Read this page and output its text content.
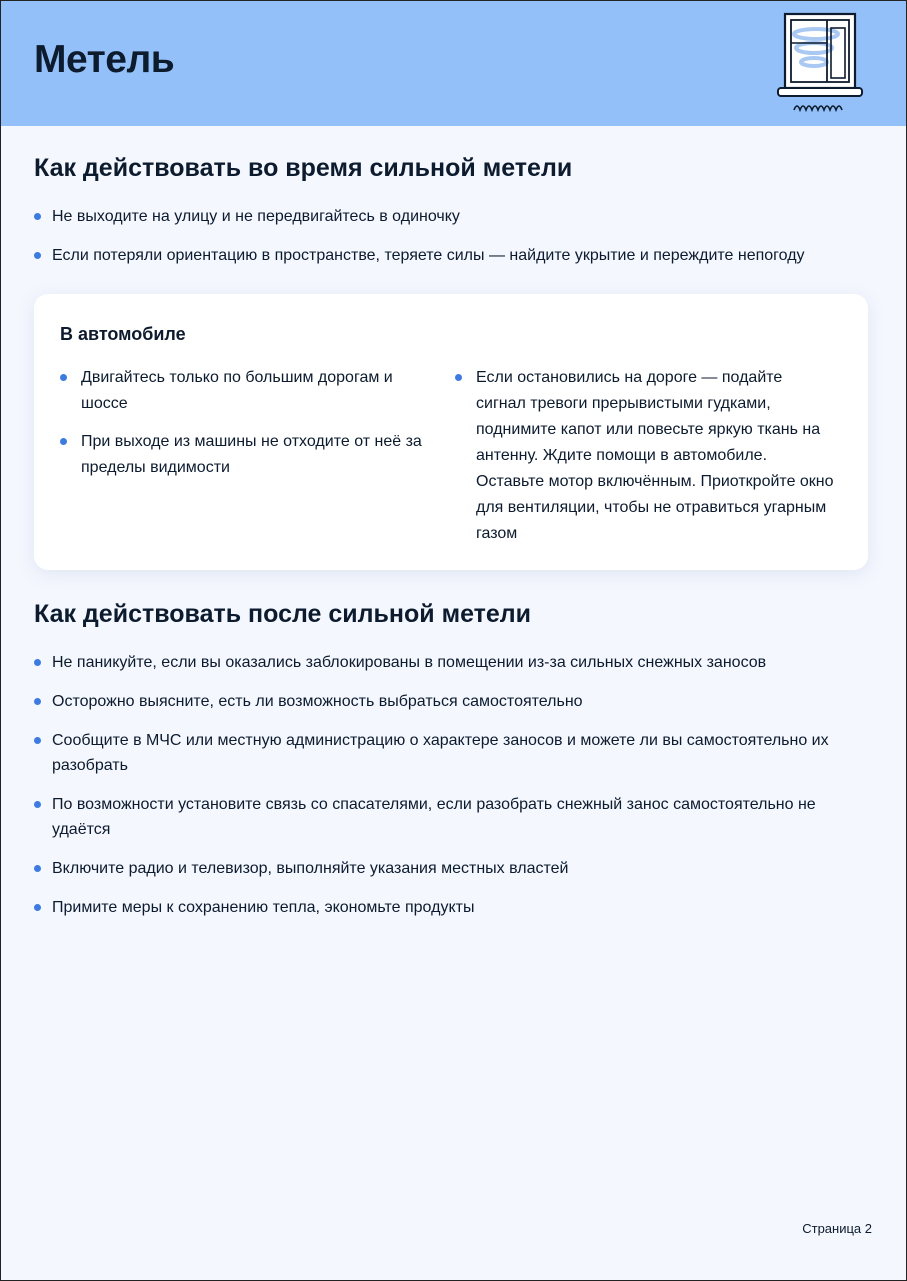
Метель
Как действовать во время сильной метели
Не выходите на улицу и не передвигайтесь в одиночку
Если потеряли ориентацию в пространстве, теряете силы — найдите укрытие и переждите непогоду
В автомобиле
Двигайтесь только по большим дорогам и шоссе
При выходе из машины не отходите от неё за пределы видимости
Если остановились на дороге — подайте сигнал тревоги прерывистыми гудками, поднимите капот или повесьте яркую ткань на антенну. Ждите помощи в автомобиле. Оставьте мотор включённым. Приоткройте окно для вентиляции, чтобы не отравиться угарным газом
Как действовать после сильной метели
Не паникуйте, если вы оказались заблокированы в помещении из-за сильных снежных заносов
Осторожно выясните, есть ли возможность выбраться самостоятельно
Сообщите в МЧС или местную администрацию о характере заносов и можете ли вы самостоятельно их разобрать
По возможности установите связь со спасателями, если разобрать снежный занос самостоятельно не удаётся
Включите радио и телевизор, выполняйте указания местных властей
Примите меры к сохранению тепла, экономьте продукты
Страница 2
